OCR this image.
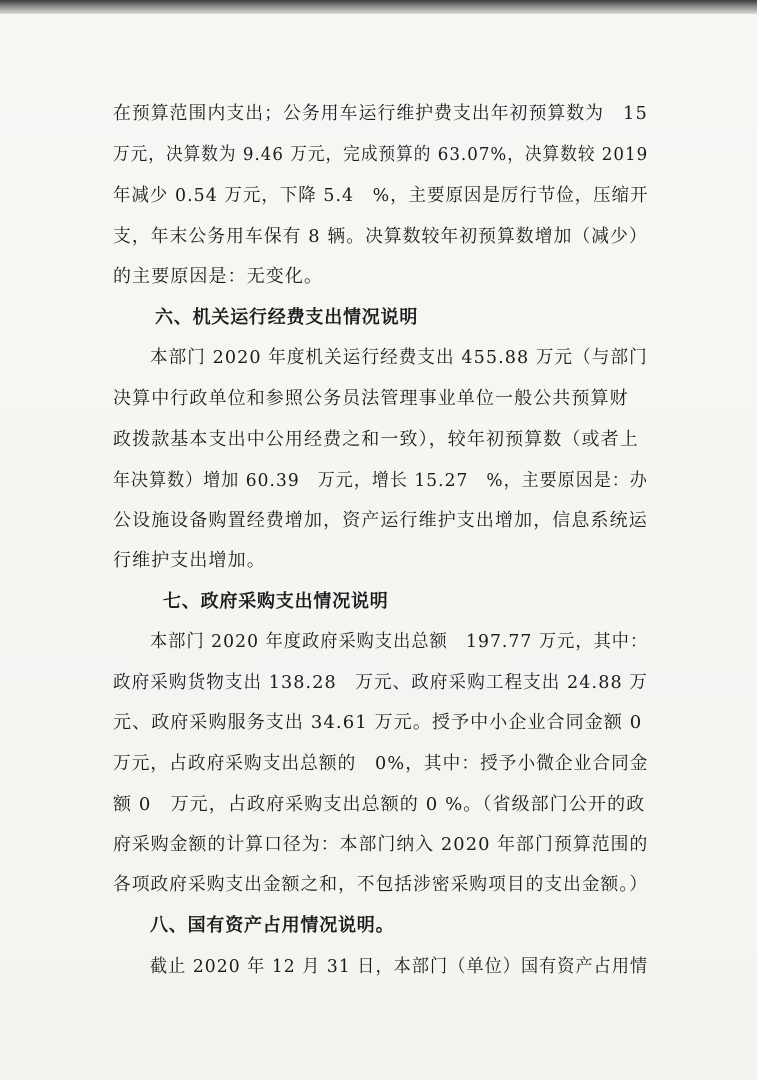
在预算范围内支出；公务用车运行维护费支出年初预算数为　15
万元，决算数为 9.46 万元，完成预算的 63.07%，决算数较 2019
年减少 0.54 万元，下降 5.4　%，主要原因是厉行节俭，压缩开
支，年末公务用车保有 8 辆。决算数较年初预算数增加（减少）
的主要原因是：无变化。
六、机关运行经费支出情况说明
本部门 2020 年度机关运行经费支出 455.88 万元（与部门
决算中行政单位和参照公务员法管理事业单位一般公共预算财
政拨款基本支出中公用经费之和一致），较年初预算数（或者上
年决算数）增加 60.39　万元，增长 15.27　%，主要原因是：办
公设施设备购置经费增加，资产运行维护支出增加，信息系统运
行维护支出增加。
七、政府采购支出情况说明
本部门 2020 年度政府采购支出总额　197.77 万元，其中：
政府采购货物支出 138.28　万元、政府采购工程支出 24.88 万
元、政府采购服务支出 34.61 万元。授予中小企业合同金额 0
万元，占政府采购支出总额的　0%，其中：授予小微企业合同金
额 0　万元，占政府采购支出总额的 0 %。（省级部门公开的政
府采购金额的计算口径为：本部门纳入 2020 年部门预算范围的
各项政府采购支出金额之和，不包括涉密采购项目的支出金额。）
八、国有资产占用情况说明。
截止 2020 年 12 月 31 日，本部门（单位）国有资产占用情
